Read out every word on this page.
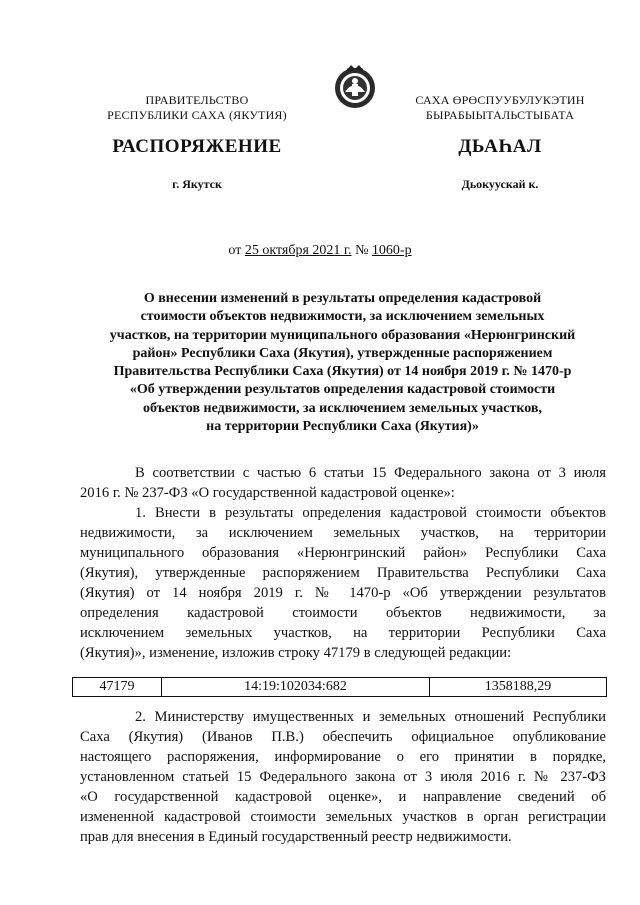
ПРАВИТЕЛЬСТВО
РЕСПУБЛИКИ САХА (ЯКУТИЯ)
САХА ӨРӨСПУУБУЛУКЭТИН
БЫРАБЫЫТАЛЬСТЫБАТА
РАСПОРЯЖЕНИЕ	ДЬАҺАЛ
г. Якутск	Дьокуускай к.
от 25 октября 2021 г. № 1060-р
О внесении изменений в результаты определения кадастровой
стоимости объектов недвижимости, за исключением земельных
участков, на территории муниципального образования «Нерюнгринский
район» Республики Саха (Якутия), утвержденные распоряжением
Правительства Республики Саха (Якутия) от 14 ноября 2019 г. № 1470-р
«Об утверждении результатов определения кадастровой стоимости
объектов недвижимости, за исключением земельных участков,
на территории Республики Саха (Якутия)»
В соответствии с частью 6 статьи 15 Федерального закона от 3 июля
2016 г. № 237-ФЗ «О государственной кадастровой оценке»:
1. Внести в результаты определения кадастровой стоимости объектов
недвижимости, за исключением земельных участков, на территории
муниципального образования «Нерюнгринский район» Республики Саха
(Якутия), утвержденные распоряжением Правительства Республики Саха
(Якутия) от 14 ноября 2019 г. № 1470-р «Об утверждении результатов
определения кадастровой стоимости объектов недвижимости, за
исключением земельных участков, на территории Республики Саха
(Якутия)», изменение, изложив строку 47179 в следующей редакции:
47179	14:19:102034:682	1358188,29
2. Министерству имущественных и земельных отношений Республики
Саха (Якутия) (Иванов П.В.) обеспечить официальное опубликование
настоящего распоряжения, информирование о его принятии в порядке,
установленном статьей 15 Федерального закона от 3 июля 2016 г. № 237-ФЗ
«О государственной кадастровой оценке», и направление сведений об
измененной кадастровой стоимости земельных участков в орган регистрации
прав для внесения в Единый государственный реестр недвижимости.
